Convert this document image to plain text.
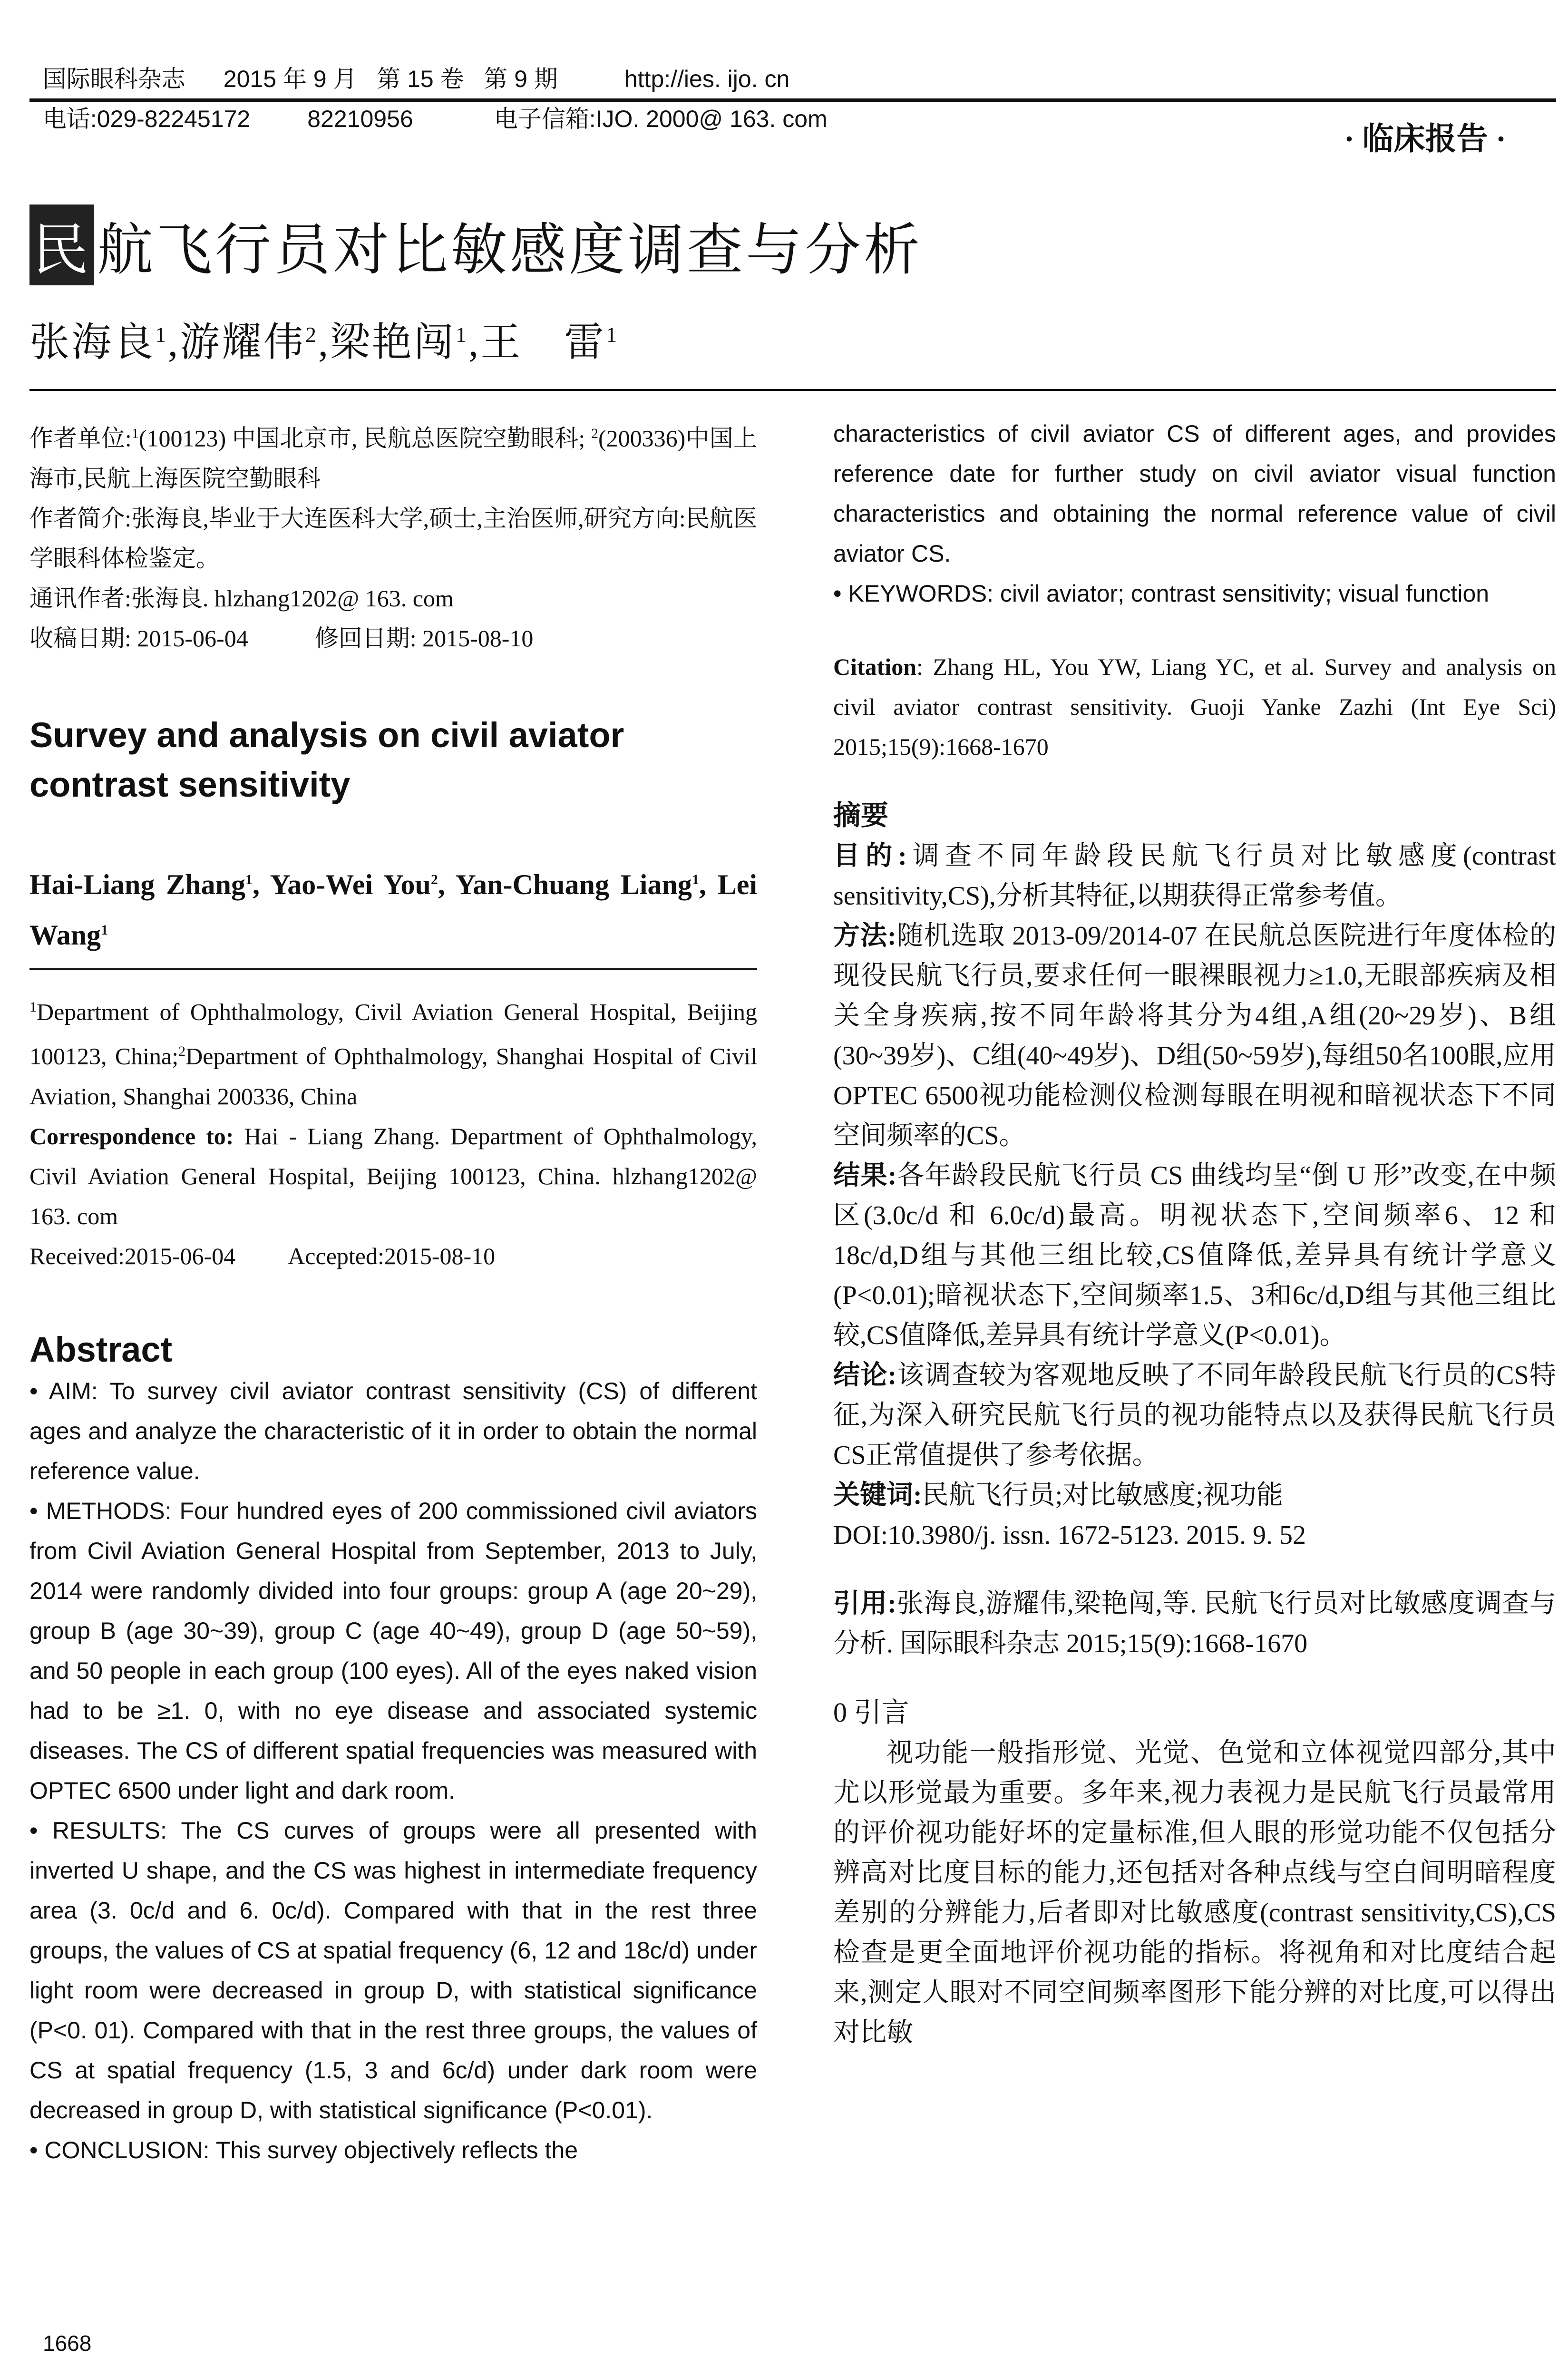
国际眼科杂志 2015 年 9 月   第 15 卷   第 9 期	http://ies. ijo. cn

电话:029-82245172 82210956	电子信箱:IJO. 2000@ 163. com

· 临床报告 ·
民 航飞行员对比敏感度调查与分析
张海良$^1$,游耀伟$^2$,梁艳闯$^1$,王　雷$^1$

作者单位:$^1$(100123) 中国北京市, 民航总医院空勤眼科; $^2$(200336)中国上海市,民航上海医院空勤眼科

作者简介:张海良,毕业于大连医科大学,硕士,主治医师,研究方向:民航医学眼科体检鉴定。

通讯作者:张海良. hlzhang1202@ 163. com

收稿日期: 2015-06-04	修回日期: 2015-08-10

Survey and analysis on civil aviator contrast sensitivity

Hai-Liang Zhang$^1$, Yao-Wei You$^2$, Yan-Chuang Liang$^1$, Lei Wang$^1$

$^1$Department of Ophthalmology, Civil Aviation General Hospital, Beijing 100123, China;$^2$Department of Ophthalmology, Shanghai Hospital of Civil Aviation, Shanghai 200336, China

Correspondence to: Hai - Liang Zhang. Department of Ophthalmology, Civil Aviation General Hospital, Beijing 100123, China. hlzhang1202@ 163. com

Received:2015-06-04 Accepted:2015-08-10

Abstract

• AIM: To survey civil aviator contrast sensitivity (CS) of different ages and analyze the characteristic of it in order to obtain the normal reference value.

• METHODS: Four hundred eyes of 200 commissioned civil aviators from Civil Aviation General Hospital from September, 2013 to July, 2014 were randomly divided into four groups: group A (age 20~29), group B (age 30~39), group C (age 40~49), group D (age 50~59), and 50 people in each group (100 eyes). All of the eyes naked vision had to be ≥1. 0, with no eye disease and associated systemic diseases. The CS of different spatial frequencies was measured with OPTEC 6500 under light and dark room.

• RESULTS: The CS curves of groups were all presented with inverted U shape, and the CS was highest in intermediate frequency area (3. 0c/d and 6. 0c/d). Compared with that in the rest three groups, the values of CS at spatial frequency (6, 12 and 18c/d) under light room were decreased in group D, with statistical significance (P<0. 01). Compared with that in the rest three groups, the values of CS at spatial frequency (1.5, 3 and 6c/d) under dark room were decreased in group D, with statistical significance (P<0.01).

• CONCLUSION: This survey objectively reflects the

characteristics of civil aviator CS of different ages, and provides reference date for further study on civil aviator visual function characteristics and obtaining the normal reference value of civil aviator CS.

• KEYWORDS: civil aviator; contrast sensitivity; visual function

Citation: Zhang HL, You YW, Liang YC, et al. Survey and analysis on civil aviator contrast sensitivity. Guoji Yanke Zazhi (Int Eye Sci) 2015;15(9):1668-1670

摘要

目的:调查不同年龄段民航飞行员对比敏感度(contrast sensitivity,CS),分析其特征,以期获得正常参考值。

方法:随机选取 2013-09/2014-07 在民航总医院进行年度体检的现役民航飞行员,要求任何一眼裸眼视力≥1.0,无眼部疾病及相关全身疾病,按不同年龄将其分为4组,A组(20~29岁)、B组(30~39岁)、C组(40~49岁)、D组(50~59岁),每组50名100眼,应用OPTEC 6500视功能检测仪检测每眼在明视和暗视状态下不同空间频率的CS。

结果:各年龄段民航飞行员 CS 曲线均呈“倒 U 形”改变,在中频区(3.0c/d 和 6.0c/d)最高。明视状态下,空间频率6、12 和 18c/d,D组与其他三组比较,CS值降低,差异具有统计学意义(P<0.01);暗视状态下,空间频率1.5、3和6c/d,D组与其他三组比较,CS值降低,差异具有统计学意义(P<0.01)。

结论:该调查较为客观地反映了不同年龄段民航飞行员的CS特征,为深入研究民航飞行员的视功能特点以及获得民航飞行员CS正常值提供了参考依据。

关键词:民航飞行员;对比敏感度;视功能

DOI:10.3980/j. issn. 1672-5123. 2015. 9. 52

引用:张海良,游耀伟,梁艳闯,等. 民航飞行员对比敏感度调查与分析. 国际眼科杂志 2015;15(9):1668-1670

0 引言

视功能一般指形觉、光觉、色觉和立体视觉四部分,其中尤以形觉最为重要。多年来,视力表视力是民航飞行员最常用的评价视功能好坏的定量标准,但人眼的形觉功能不仅包括分辨高对比度目标的能力,还包括对各种点线与空白间明暗程度差别的分辨能力,后者即对比敏感度(contrast sensitivity,CS),CS检查是更全面地评价视功能的指标。将视角和对比度结合起来,测定人眼对不同空间频率图形下能分辨的对比度,可以得出对比敏

1668
